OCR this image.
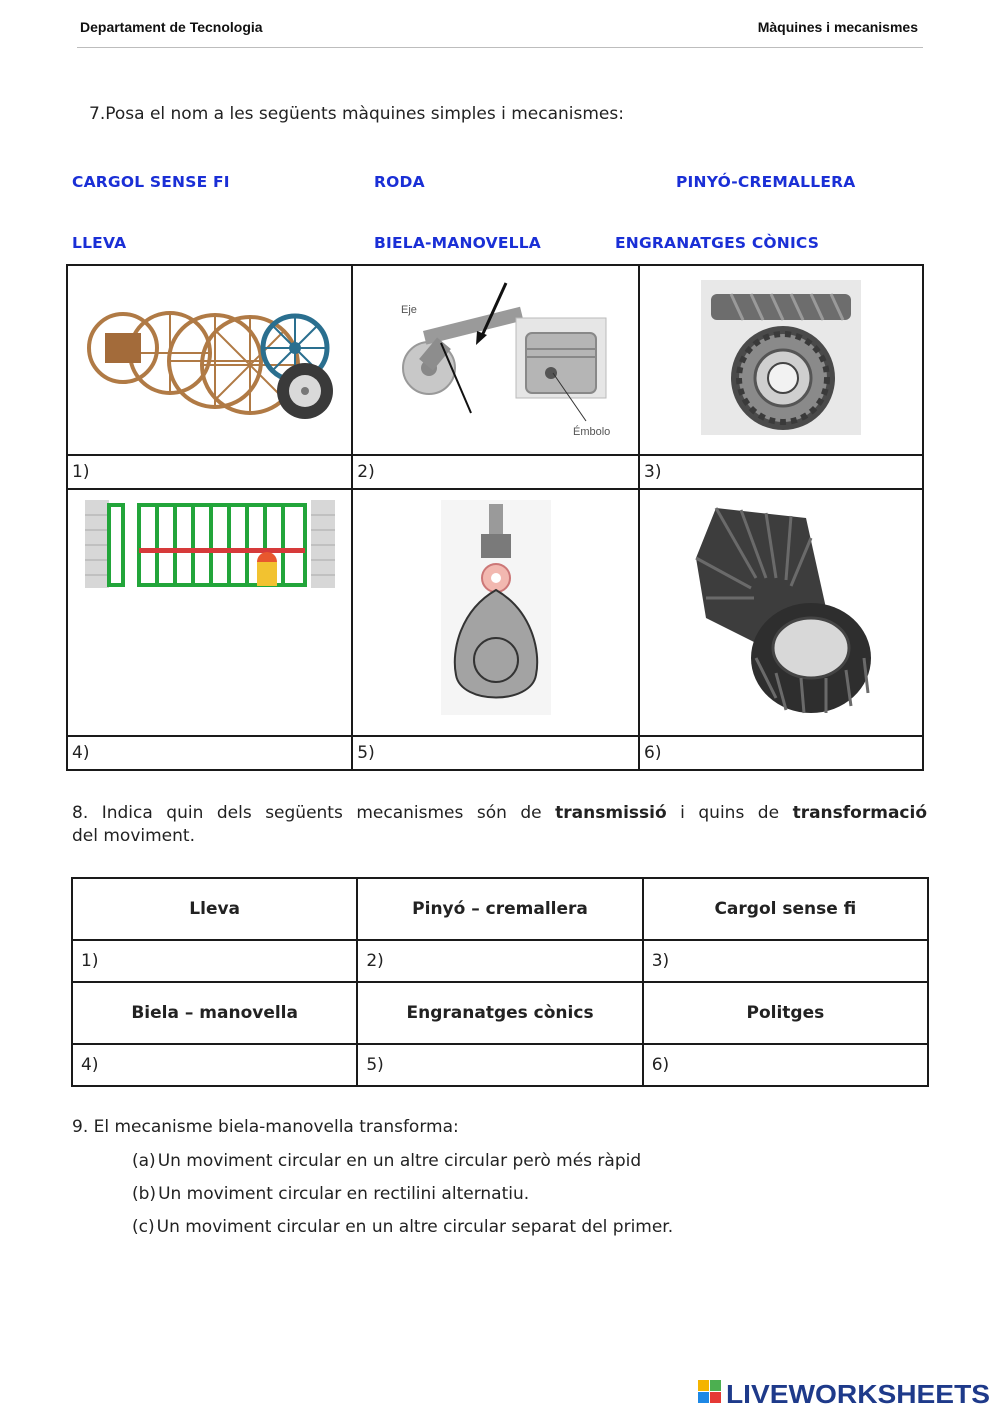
Departament de Tecnologia	Màquines i mecanismes
7.Posa el nom a les següents màquines simples i mecanismes:
CARGOL SENSE FI	RODA	PINYÓ-CREMALLERA
LLEVA	BIELA-MANOVELLA	ENGRANATGES CÒNICS

Eje
Émbolo

1)	2)	3)

4)	5)	6)
8. Indica quin dels següents mecanismes són de transmissió i quins de transformació
del moviment.
Lleva	Pinyó – cremallera	Cargol sense fi
1)	2)	3)
Biela – manovella	Engranatges cònics	Politges
4)	5)	6)
9. El mecanisme biela-manovella transforma:
(a) Un moviment circular en un altre circular però més ràpid
(b) Un moviment circular en rectilini alternatiu.
(c) Un moviment circular en un altre circular separat del primer.
LIVEWORKSHEETS
